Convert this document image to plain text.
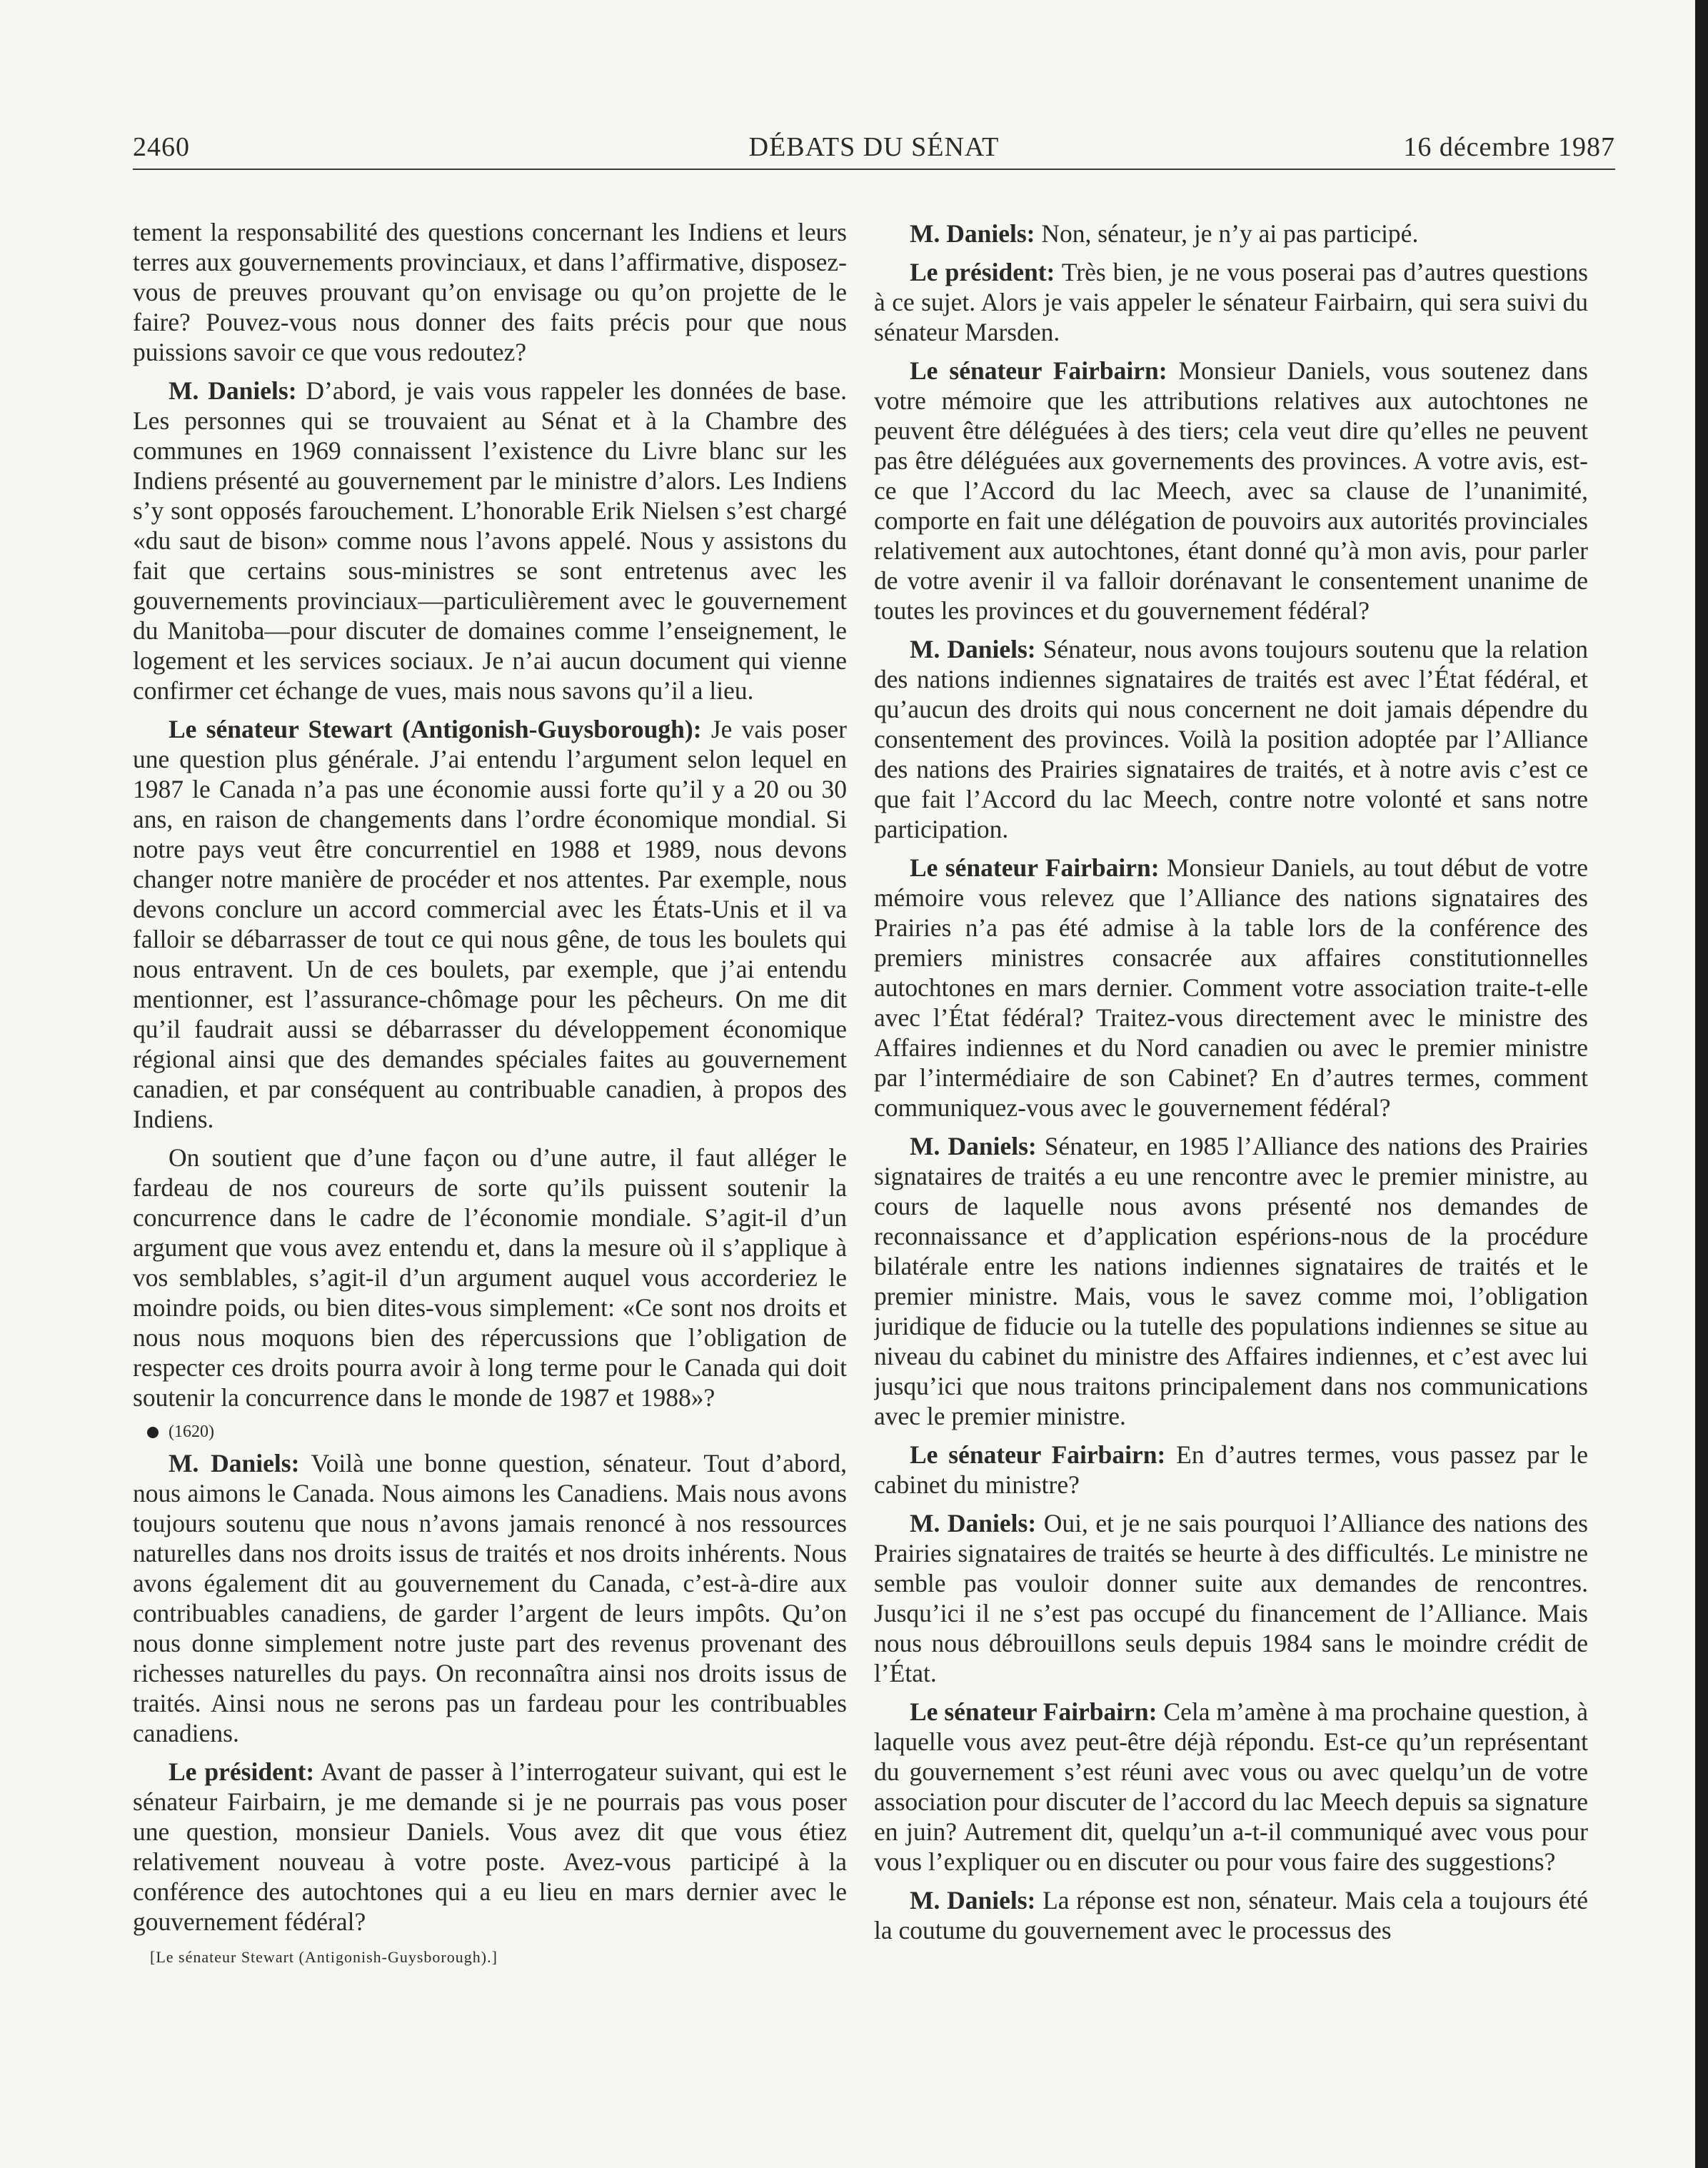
2460	DÉBATS DU SÉNAT	16 décembre 1987

tement la responsabilité des questions concernant les Indiens et leurs terres aux gouvernements provinciaux, et dans l’affirmative, disposez-vous de preuves prouvant qu’on envisage ou qu’on projette de le faire? Pouvez-vous nous donner des faits précis pour que nous puissions savoir ce que vous redoutez?

M. Daniels: D’abord, je vais vous rappeler les données de base. Les personnes qui se trouvaient au Sénat et à la Chambre des communes en 1969 connaissent l’existence du Livre blanc sur les Indiens présenté au gouvernement par le ministre d’alors. Les Indiens s’y sont opposés farouchement. L’honorable Erik Nielsen s’est chargé «du saut de bison» comme nous l’avons appelé. Nous y assistons du fait que certains sous-ministres se sont entretenus avec les gouvernements provinciaux—particulièrement avec le gouvernement du Manitoba—pour discuter de domaines comme l’enseignement, le logement et les services sociaux. Je n’ai aucun document qui vienne confirmer cet échange de vues, mais nous savons qu’il a lieu.

Le sénateur Stewart (Antigonish-Guysborough): Je vais poser une question plus générale. J’ai entendu l’argument selon lequel en 1987 le Canada n’a pas une économie aussi forte qu’il y a 20 ou 30 ans, en raison de changements dans l’ordre économique mondial. Si notre pays veut être concurrentiel en 1988 et 1989, nous devons changer notre manière de procéder et nos attentes. Par exemple, nous devons conclure un accord commercial avec les États-Unis et il va falloir se débarrasser de tout ce qui nous gêne, de tous les boulets qui nous entravent. Un de ces boulets, par exemple, que j’ai entendu mentionner, est l’assurance-chômage pour les pêcheurs. On me dit qu’il faudrait aussi se débarrasser du développement économique régional ainsi que des demandes spéciales faites au gouvernement canadien, et par conséquent au contribuable canadien, à propos des Indiens.

On soutient que d’une façon ou d’une autre, il faut alléger le fardeau de nos coureurs de sorte qu’ils puissent soutenir la concurrence dans le cadre de l’économie mondiale. S’agit-il d’un argument que vous avez entendu et, dans la mesure où il s’applique à vos semblables, s’agit-il d’un argument auquel vous accorderiez le moindre poids, ou bien dites-vous simplement: «Ce sont nos droits et nous nous moquons bien des répercussions que l’obligation de respecter ces droits pourra avoir à long terme pour le Canada qui doit soutenir la concurrence dans le monde de 1987 et 1988»?

(1620)

M. Daniels: Voilà une bonne question, sénateur. Tout d’abord, nous aimons le Canada. Nous aimons les Canadiens. Mais nous avons toujours soutenu que nous n’avons jamais renoncé à nos ressources naturelles dans nos droits issus de traités et nos droits inhérents. Nous avons également dit au gouvernement du Canada, c’est-à-dire aux contribuables canadiens, de garder l’argent de leurs impôts. Qu’on nous donne simplement notre juste part des revenus provenant des richesses naturelles du pays. On reconnaîtra ainsi nos droits issus de traités. Ainsi nous ne serons pas un fardeau pour les contribuables canadiens.

Le président: Avant de passer à l’interrogateur suivant, qui est le sénateur Fairbairn, je me demande si je ne pourrais pas vous poser une question, monsieur Daniels. Vous avez dit que vous étiez relativement nouveau à votre poste. Avez-vous participé à la conférence des autochtones qui a eu lieu en mars dernier avec le gouvernement fédéral?

[Le sénateur Stewart (Antigonish-Guysborough).]

M. Daniels: Non, sénateur, je n’y ai pas participé.

Le président: Très bien, je ne vous poserai pas d’autres questions à ce sujet. Alors je vais appeler le sénateur Fairbairn, qui sera suivi du sénateur Marsden.

Le sénateur Fairbairn: Monsieur Daniels, vous soutenez dans votre mémoire que les attributions relatives aux autochtones ne peuvent être déléguées à des tiers; cela veut dire qu’elles ne peuvent pas être déléguées aux governements des provinces. A votre avis, est-ce que l’Accord du lac Meech, avec sa clause de l’unanimité, comporte en fait une délégation de pouvoirs aux autorités provinciales relativement aux autochtones, étant donné qu’à mon avis, pour parler de votre avenir il va falloir dorénavant le consentement unanime de toutes les provinces et du gouvernement fédéral?

M. Daniels: Sénateur, nous avons toujours soutenu que la relation des nations indiennes signataires de traités est avec l’État fédéral, et qu’aucun des droits qui nous concernent ne doit jamais dépendre du consentement des provinces. Voilà la position adoptée par l’Alliance des nations des Prairies signataires de traités, et à notre avis c’est ce que fait l’Accord du lac Meech, contre notre volonté et sans notre participation.

Le sénateur Fairbairn: Monsieur Daniels, au tout début de votre mémoire vous relevez que l’Alliance des nations signataires des Prairies n’a pas été admise à la table lors de la conférence des premiers ministres consacrée aux affaires constitutionnelles autochtones en mars dernier. Comment votre association traite-t-elle avec l’État fédéral? Traitez-vous directement avec le ministre des Affaires indiennes et du Nord canadien ou avec le premier ministre par l’intermédiaire de son Cabinet? En d’autres termes, comment communiquez-vous avec le gouvernement fédéral?

M. Daniels: Sénateur, en 1985 l’Alliance des nations des Prairies signataires de traités a eu une rencontre avec le premier ministre, au cours de laquelle nous avons présenté nos demandes de reconnaissance et d’application espérions-nous de la procédure bilatérale entre les nations indiennes signataires de traités et le premier ministre. Mais, vous le savez comme moi, l’obligation juridique de fiducie ou la tutelle des populations indiennes se situe au niveau du cabinet du ministre des Affaires indiennes, et c’est avec lui jusqu’ici que nous traitons principalement dans nos communications avec le premier ministre.

Le sénateur Fairbairn: En d’autres termes, vous passez par le cabinet du ministre?

M. Daniels: Oui, et je ne sais pourquoi l’Alliance des nations des Prairies signataires de traités se heurte à des difficultés. Le ministre ne semble pas vouloir donner suite aux demandes de rencontres. Jusqu’ici il ne s’est pas occupé du financement de l’Alliance. Mais nous nous débrouillons seuls depuis 1984 sans le moindre crédit de l’État.

Le sénateur Fairbairn: Cela m’amène à ma prochaine question, à laquelle vous avez peut-être déjà répondu. Est-ce qu’un représentant du gouvernement s’est réuni avec vous ou avec quelqu’un de votre association pour discuter de l’accord du lac Meech depuis sa signature en juin? Autrement dit, quelqu’un a-t-il communiqué avec vous pour vous l’expliquer ou en discuter ou pour vous faire des suggestions?

M. Daniels: La réponse est non, sénateur. Mais cela a toujours été la coutume du gouvernement avec le processus des
